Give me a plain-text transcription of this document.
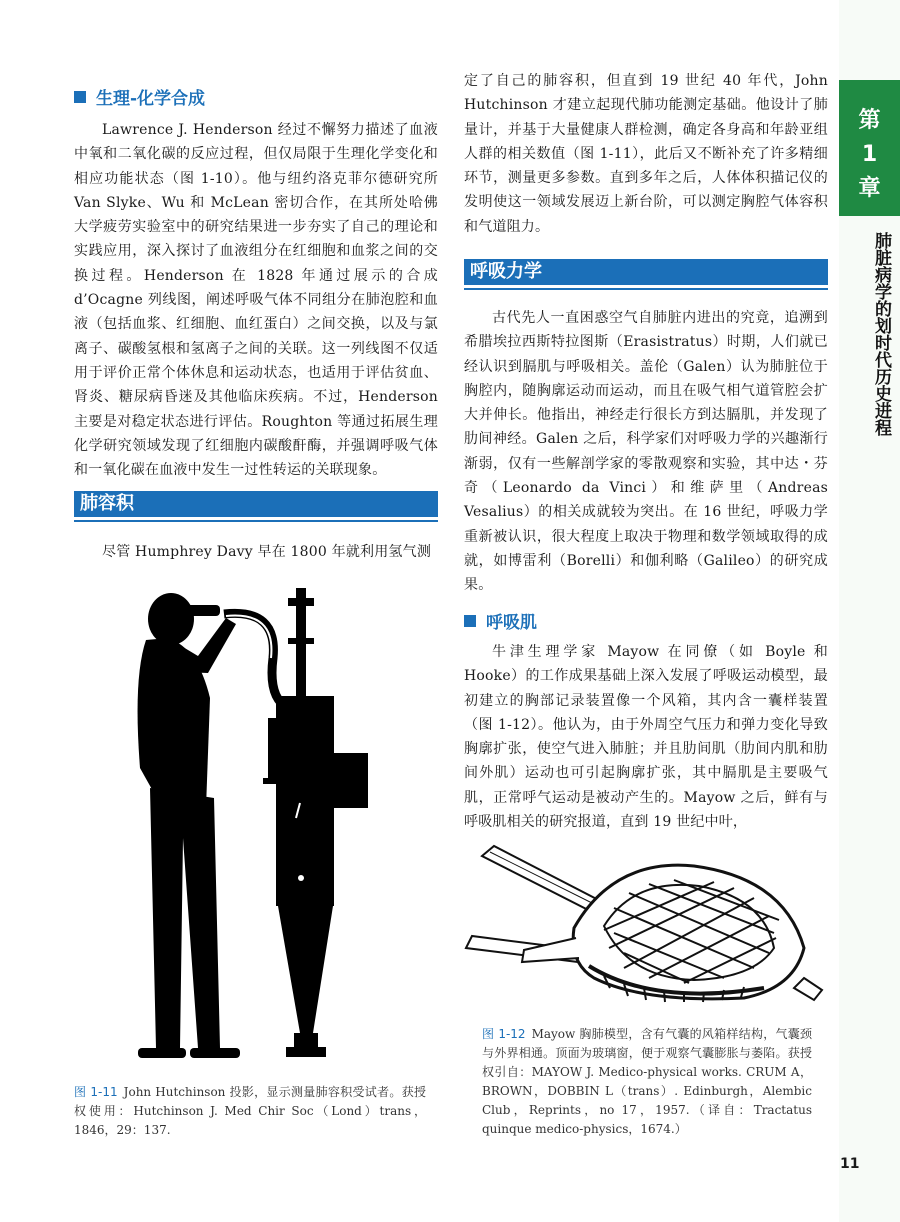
第
1
章
肺脏病学的划时代历史进程
生理-化学合成

Lawrence J. Henderson 经过不懈努力描述了血液中氧和二氧化碳的反应过程，但仅局限于生理化学变化和相应功能状态（图 1-10）。他与纽约洛克菲尔德研究所 Van Slyke、Wu 和 McLean 密切合作，在其所处哈佛大学疲劳实验室中的研究结果进一步夯实了自己的理论和实践应用，深入探讨了血液组分在红细胞和血浆之间的交换过程。Henderson 在 1828 年通过展示的合成 d’Ocagne 列线图，阐述呼吸气体不同组分在肺泡腔和血液（包括血浆、红细胞、血红蛋白）之间交换，以及与氯离子、碳酸氢根和氢离子之间的关联。这一列线图不仅适用于评价正常个体休息和运动状态，也适用于评估贫血、肾炎、糖尿病昏迷及其他临床疾病。不过，Henderson 主要是对稳定状态进行评估。Roughton 等通过拓展生理化学研究领域发现了红细胞内碳酸酐酶，并强调呼吸气体和一氧化碳在血液中发生一过性转运的关联现象。

肺容积

尽管 Humphrey Davy 早在 1800 年就利用氢气测

图 1-11 John Hutchinson 投影，显示测量肺容积受试者。获授权使用：Hutchinson J. Med Chir Soc（Lond）trans，1846，29：137.

定了自己的肺容积，但直到 19 世纪 40 年代，John Hutchinson 才建立起现代肺功能测定基础。他设计了肺量计，并基于大量健康人群检测，确定各身高和年龄亚组人群的相关数值（图 1-11），此后又不断补充了许多精细环节，测量更多参数。直到多年之后，人体体积描记仪的发明使这一领域发展迈上新台阶，可以测定胸腔气体容积和气道阻力。

呼吸力学

古代先人一直困惑空气自肺脏内进出的究竟，追溯到希腊埃拉西斯特拉图斯（Erasistratus）时期，人们就已经认识到膈肌与呼吸相关。盖伦（Galen）认为肺脏位于胸腔内，随胸廓运动而运动，而且在吸气相气道管腔会扩大并伸长。他指出，神经走行很长方到达膈肌，并发现了肋间神经。Galen 之后，科学家们对呼吸力学的兴趣渐行渐弱，仅有一些解剖学家的零散观察和实验，其中达・芬奇（Leonardo da Vinci）和维萨里（Andreas Vesalius）的相关成就较为突出。在 16 世纪，呼吸力学重新被认识，很大程度上取决于物理和数学领域取得的成就，如博雷利（Borelli）和伽利略（Galileo）的研究成果。

呼吸肌

牛津生理学家 Mayow 在同僚（如 Boyle 和 Hooke）的工作成果基础上深入发展了呼吸运动模型，最初建立的胸部记录装置像一个风箱，其内含一囊样装置（图 1-12）。他认为，由于外周空气压力和弹力变化导致胸廓扩张，使空气进入肺脏；并且肋间肌（肋间内肌和肋间外肌）运动也可引起胸廓扩张，其中膈肌是主要吸气肌，正常呼气运动是被动产生的。Mayow 之后，鲜有与呼吸肌相关的研究报道，直到 19 世纪中叶，

图 1-12 Mayow 胸肺模型，含有气囊的风箱样结构，气囊颈与外界相通。顶面为玻璃窗，便于观察气囊膨胀与萎陷。获授权引自：MAYOW J. Medico-physical works. CRUM A，BROWN，DOBBIN L（trans）. Edinburgh，Alembic Club，Reprints，no 17，1957.（译自：Tractatus quinque medico-physics，1674.）
11
